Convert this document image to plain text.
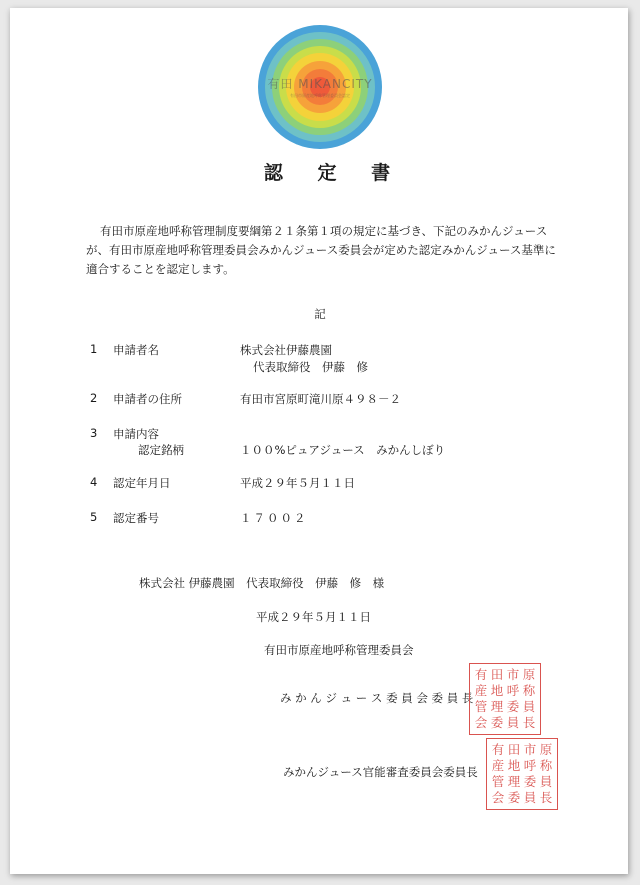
有田 MIKANCITY
有田市原産地呼称管理委員会認定
認 定 書
有田市原産地呼称管理制度要綱第２１条第１項の規定に基づき、下記のみかんジュースが、有田市原産地呼称管理委員会みかんジュース委員会が定めた認定みかんジュース基準に適合することを認定します。
記
1 申請者名	株式会社伊藤農園
代表取締役　伊藤　修
2 申請者の住所	有田市宮原町滝川原４９８－２
3 申請内容
認定銘柄	１００%ピュアジュース　みかんしぼり
4 認定年月日	平成２９年５月１１日
5 認定番号	１７００２
株式会社 伊藤農園　代表取締役　伊藤　修　様
平成２９年５月１１日
有田市原産地呼称管理委員会
み か ん ジ ュ ー ス 委 員 会 委 員 長
みかんジュース官能審査委員会委員長
有 田 市 原
産 地 呼 称
管 理 委 員
会 委 員 長
有 田 市 原
産 地 呼 称
管 理 委 員
会 委 員 長
